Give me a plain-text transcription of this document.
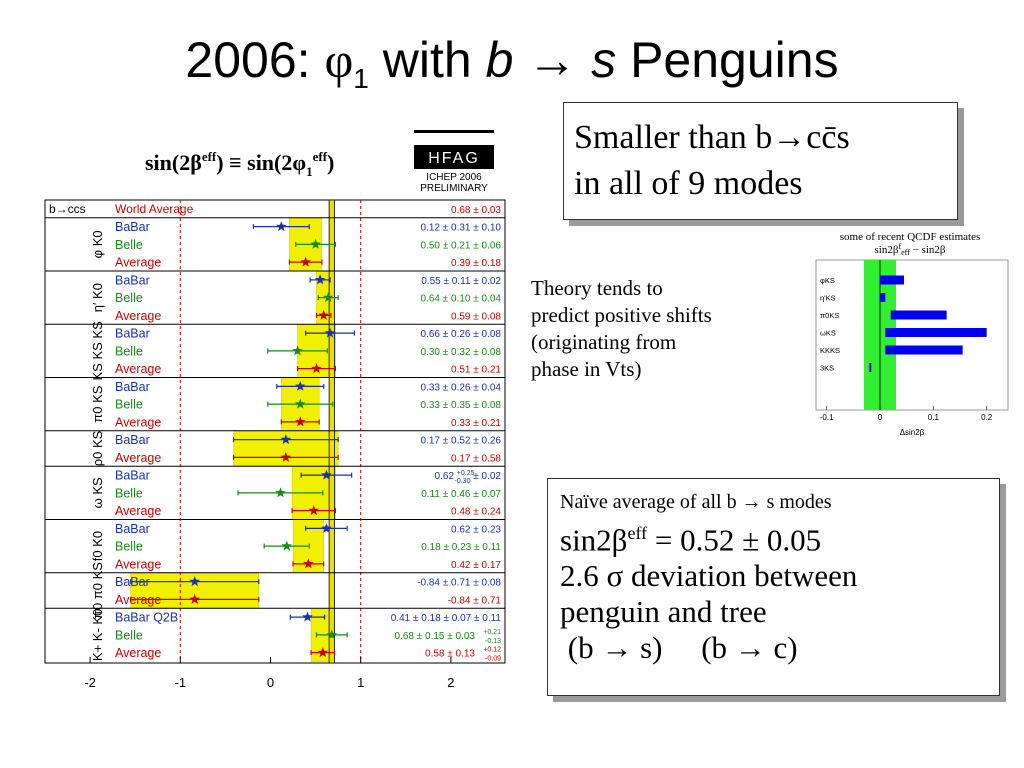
2006: $\varphi_1$ with b → s Penguins
Smaller than b→cc̄s
in all of 9 modes
Theory tends to
predict positive shifts
(originating from
phase in Vts)
Naïve average of all b → s modes
$\sin 2\beta^{eff} = 0.52 \pm 0.05$
2.6 σ deviation between
penguin and tree
(b → s)     (b → c)
$\sin(2\beta^{eff}) \equiv \sin(2\varphi_1^{eff})$	HFAG
ICHEP 2006
PRELIMINARY
b→ccs World Average	0.68 ± 0.03
BaBar	0.12 ± 0.31 ± 0.10
Belle	0.50 ± 0.21 ± 0.06
Average	0.39 ± 0.18
BaBar	0.55 ± 0.11 ± 0.02
Belle	0.64 ± 0.10 ± 0.04
Average	0.59 ± 0.08
BaBar	0.66 ± 0.26 ± 0.08
Belle	0.30 ± 0.32 ± 0.08
Average	0.51 ± 0.21
BaBar	0.33 ± 0.26 ± 0.04
Belle	0.33 ± 0.35 ± 0.08
Average	0.33 ± 0.21
BaBar	0.17 ± 0.52 ± 0.26
Average	0.17 ± 0.58
BaBar	0.62 $^{+0.25}$ -0.30 ± 0.02
Belle	0.11 ± 0.46 ± 0.07
Average	0.48 ± 0.24
BaBar	0.62 ± 0.23
Belle	0.18 ± 0.23 ± 0.11
Average	0.42 ± 0.17
BaBar	-0.84 ± 0.71 ± 0.08
Average	-0.84 ± 0.71
BaBar Q2B	0.41 ± 0.18 ± 0.07 ± 0.11
Belle	0.68 ± 0.15 ± 0.03 +0.21
-0.13
Average	0.58 ± 0.13 +0.12
-0.09
φ K0
η′ K0
KS KS KS
π0 KS
ρ0 KS
ω KS
f0 K0
π0 π0 KS
K+ K- K0
-2	-1	0	1	2
some of recent QCDF estimates
$\sin 2\beta^f_{eff} - \sin 2\beta$
φKS
η′KS
π0KS
ωKS
KKKS
3KS
-0.1	0	0.1	0.2
Δsin2β
